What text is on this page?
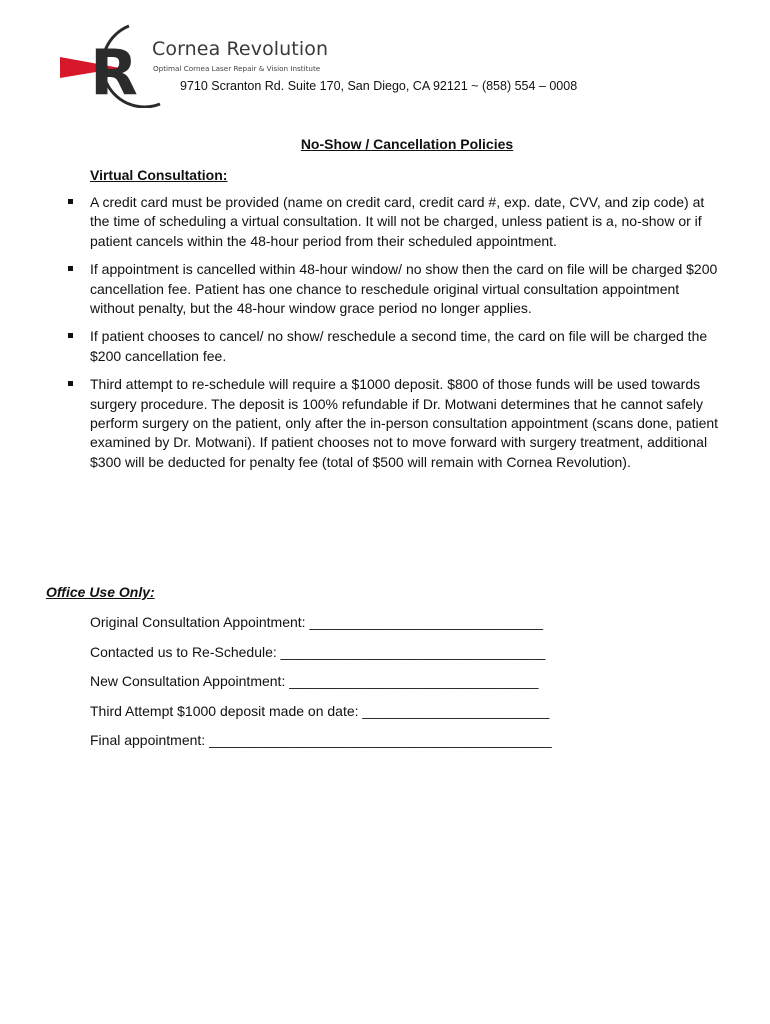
R Cornea Revolution
Optimal Cornea Laser Repair & Vision Institute
9710 Scranton Rd. Suite 170, San Diego, CA 92121 ~ (858) 554 – 0008
No-Show / Cancellation Policies
Virtual Consultation:
A credit card must be provided (name on credit card, credit card #, exp. date, CVV, and zip code) at the time of scheduling a virtual consultation. It will not be charged, unless patient is a, no-show or if patient cancels within the 48-hour period from their scheduled appointment.
If appointment is cancelled within 48-hour window/ no show then the card on file will be charged $200 cancellation fee. Patient has one chance to reschedule original virtual consultation appointment without penalty, but the 48-hour window grace period no longer applies.
If patient chooses to cancel/ no show/ reschedule a second time, the card on file will be charged the $200 cancellation fee.
Third attempt to re-schedule will require a $1000 deposit. $800 of those funds will be used towards surgery procedure. The deposit is 100% refundable if Dr. Motwani determines that he cannot safely perform surgery on the patient, only after the in-person consultation appointment (scans done, patient examined by Dr. Motwani). If patient chooses not to move forward with surgery treatment, additional $300 will be deducted for penalty fee (total of $500 will remain with Cornea Revolution).
Office Use Only:
Original Consultation Appointment: ______________________________
Contacted us to Re-Schedule: __________________________________
New Consultation Appointment: ________________________________
Third Attempt $1000 deposit made on date: ________________________
Final appointment: ____________________________________________
